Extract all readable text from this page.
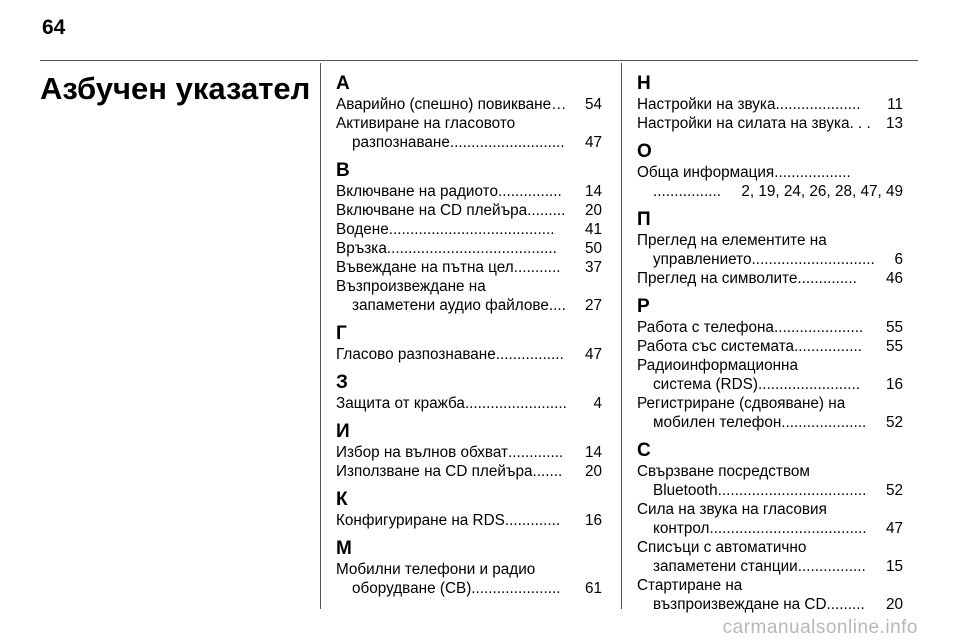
64
Азбучен указател А
Аварийно (спешно) повикване …	54
Активиране на гласовото
разпознаване ...........................	47
В
Включване на радиото ...............	14
Включване на CD плейъра .........	20
Водене .......................................	41
Връзка ........................................	50
Въвеждане на пътна цел ...........	37
Възпроизвеждане на
запаметени аудио файлове ....	27
Г
Гласово разпознаване ................	47
З
Защита от кражба ........................	4
И
Избор на вълнов обхват .............	14
Използване на CD плейъра .......	20
К
Конфигуриране на RDS .............	16
М
Мобилни телефони и радио
оборудване (CB) .....................	61
Н
Настройки на звука ....................	11
Настройки на силата на звука . . . 13
О
Обща информация..................
................ 2, 19, 24, 26, 28, 47, 49
П
Преглед на елементите на
управлението .............................	6
Преглед на символите ..............	46
Р
Работа с телефона .....................	55
Работа със системата ................	55
Радиоинформационна
система (RDS) ........................	16
Регистриране (сдвояване) на
мобилен телефон ....................	52
С
Свързване посредством
Bluetooth ...................................	52
Сила на звука на гласовия
контрол .....................................	47
Списъци с автоматично
запаметени станции ................	15
Стартиране на
възпроизвеждане на CD .........	20
carmanualsonline.info
